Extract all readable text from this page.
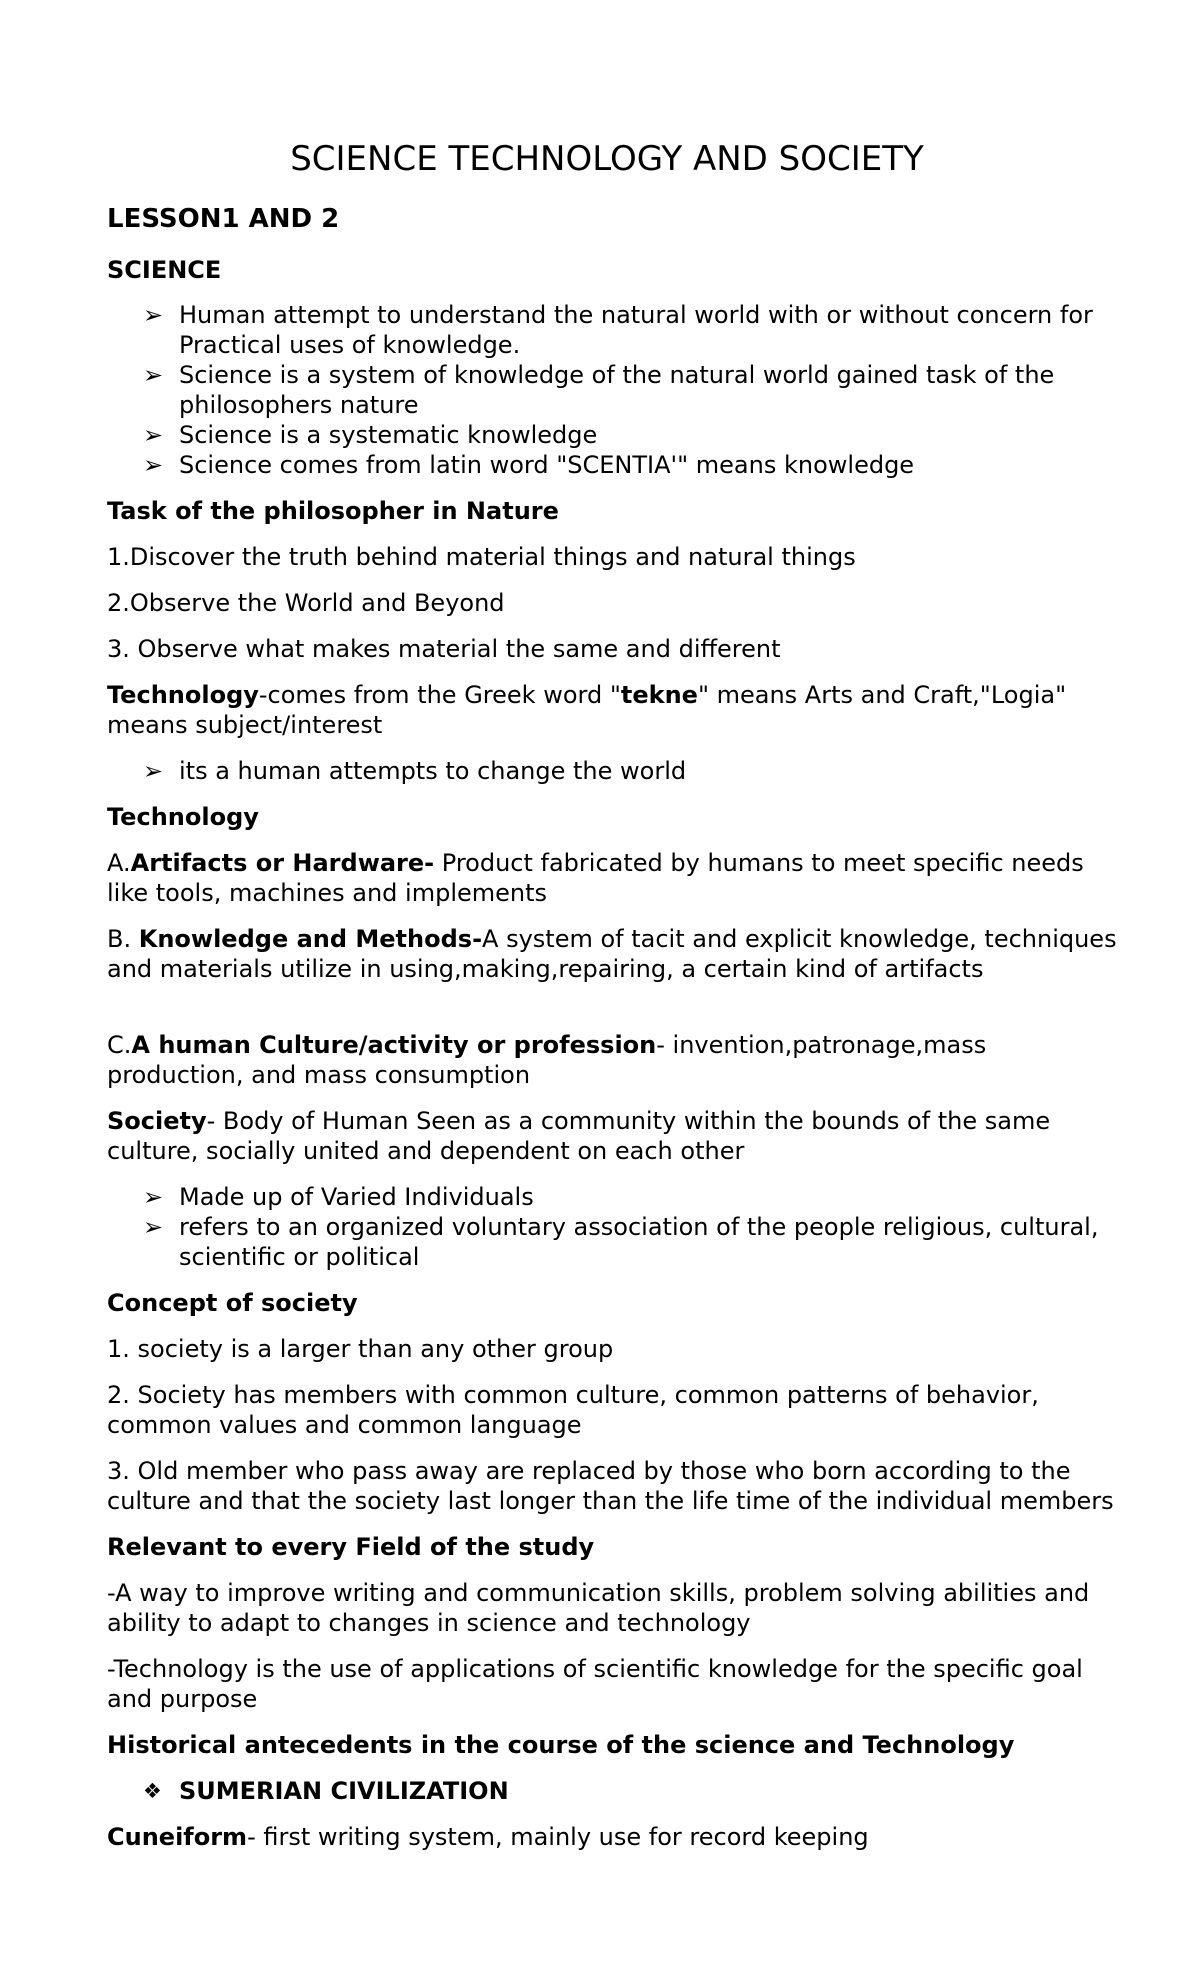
SCIENCE TECHNOLOGY AND SOCIETY
LESSON1 AND 2
SCIENCE
➢ Human attempt to understand the natural world with or without concern for Practical uses of knowledge.
➢ Science is a system of knowledge of the natural world gained task of the philosophers nature
➢ Science is a systematic knowledge
➢ Science comes from latin word "SCENTIA'" means knowledge
Task of the philosopher in Nature
1.Discover the truth behind material things and natural things
2.Observe the World and Beyond
3. Observe what makes material the same and different
Technology-comes from the Greek word "tekne" means Arts and Craft,"Logia" means subject/interest
➢ its a human attempts to change the world
Technology
A.Artifacts or Hardware- Product fabricated by humans to meet specific needs like tools, machines and implements
B. Knowledge and Methods-A system of tacit and explicit knowledge, techniques and materials utilize in using,making,repairing, a certain kind of artifacts
C.A human Culture/activity or profession- invention,patronage,mass production, and mass consumption
Society- Body of Human Seen as a community within the bounds of the same culture, socially united and dependent on each other
➢ Made up of Varied Individuals
➢ refers to an organized voluntary association of the people religious, cultural, scientific or political
Concept of society
1. society is a larger than any other group
2. Society has members with common culture, common patterns of behavior, common values and common language
3. Old member who pass away are replaced by those who born according to the culture and that the society last longer than the life time of the individual members
Relevant to every Field of the study
-A way to improve writing and communication skills, problem solving abilities and ability to adapt to changes in science and technology
-Technology is the use of applications of scientific knowledge for the specific goal and purpose
Historical antecedents in the course of the science and Technology
❖ SUMERIAN CIVILIZATION
Cuneiform- first writing system, mainly use for record keeping
